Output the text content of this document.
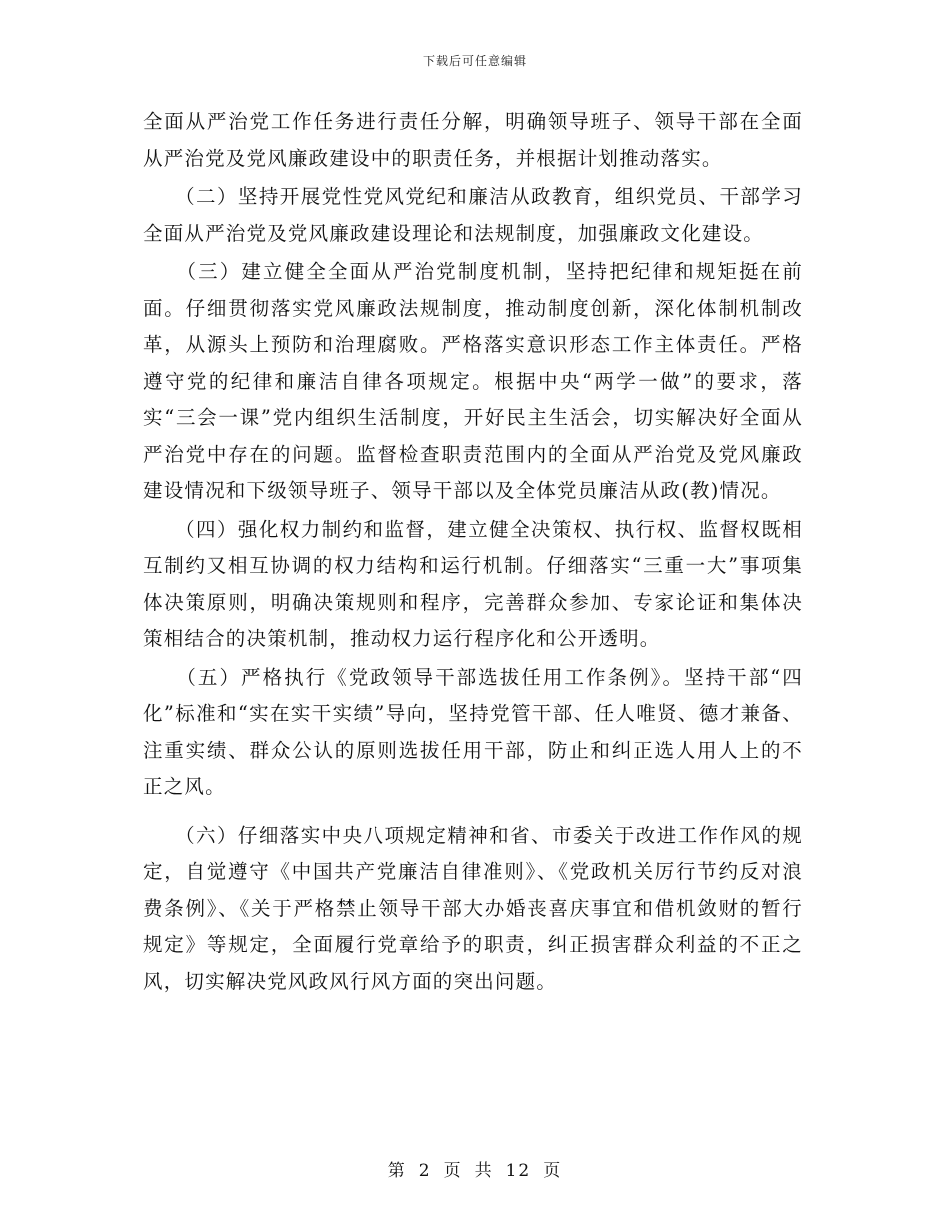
下载后可任意编辑

全面从严治党工作任务进行责任分解，明确领导班子、领导干部在全面从严治党及党风廉政建设中的职责任务，并根据计划推动落实。

　　（二）坚持开展党性党风党纪和廉洁从政教育，组织党员、干部学习全面从严治党及党风廉政建设理论和法规制度，加强廉政文化建设。

　　（三）建立健全全面从严治党制度机制，坚持把纪律和规矩挺在前面。仔细贯彻落实党风廉政法规制度，推动制度创新，深化体制机制改革，从源头上预防和治理腐败。严格落实意识形态工作主体责任。严格遵守党的纪律和廉洁自律各项规定。根据中央“两学一做”的要求，落实“三会一课”党内组织生活制度，开好民主生活会，切实解决好全面从严治党中存在的问题。监督检查职责范围内的全面从严治党及党风廉政建设情况和下级领导班子、领导干部以及全体党员廉洁从政(教)情况。

　　（四）强化权力制约和监督，建立健全决策权、执行权、监督权既相互制约又相互协调的权力结构和运行机制。仔细落实“三重一大”事项集体决策原则，明确决策规则和程序，完善群众参加、专家论证和集体决策相结合的决策机制，推动权力运行程序化和公开透明。

　　（五）严格执行《党政领导干部选拔任用工作条例》。坚持干部“四化”标准和“实在实干实绩”导向，坚持党管干部、任人唯贤、德才兼备、注重实绩、群众公认的原则选拔任用干部，防止和纠正选人用人上的不正之风。

　　（六）仔细落实中央八项规定精神和省、市委关于改进工作作风的规定，自觉遵守《中国共产党廉洁自律准则》、《党政机关厉行节约反对浪费条例》、《关于严格禁止领导干部大办婚丧喜庆事宜和借机敛财的暂行规定》等规定，全面履行党章给予的职责，纠正损害群众利益的不正之风，切实解决党风政风行风方面的突出问题。

第 2 页 共 12 页
